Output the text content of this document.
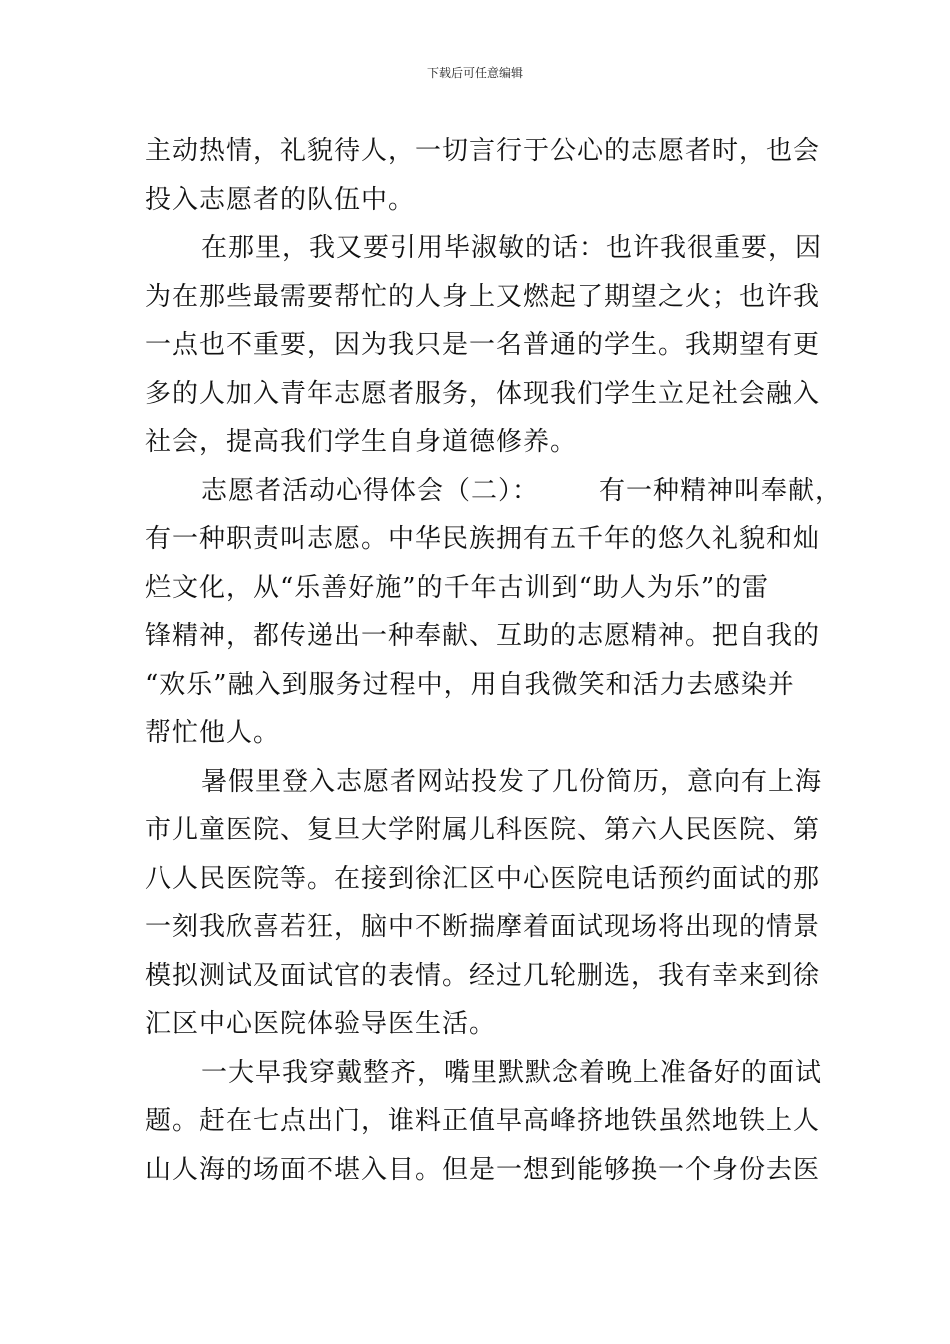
下载后可任意编辑

主动热情，礼貌待人，一切言行于公心的志愿者时，也会
投入志愿者的队伍中。

在那里，我又要引用毕淑敏的话：也许我很重要，因
为在那些最需要帮忙的人身上又燃起了期望之火；也许我
一点也不重要，因为我只是一名普通的学生。我期望有更
多的人加入青年志愿者服务，体现我们学生立足社会融入
社会，提高我们学生自身道德修养。

志愿者活动心得体会（二）： 有一种精神叫奉献，
有一种职责叫志愿。中华民族拥有五千年的悠久礼貌和灿
烂文化，从“乐善好施”的千年古训到“助人为乐”的雷
锋精神，都传递出一种奉献、互助的志愿精神。把自我的
“欢乐”融入到服务过程中，用自我微笑和活力去感染并
帮忙他人。

暑假里登入志愿者网站投发了几份简历，意向有上海
市儿童医院、复旦大学附属儿科医院、第六人民医院、第
八人民医院等。在接到徐汇区中心医院电话预约面试的那
一刻我欣喜若狂，脑中不断揣摩着面试现场将出现的情景
模拟测试及面试官的表情。经过几轮删选，我有幸来到徐
汇区中心医院体验导医生活。

一大早我穿戴整齐，嘴里默默念着晚上准备好的面试
题。赶在七点出门，谁料正值早高峰挤地铁虽然地铁上人
山人海的场面不堪入目。但是一想到能够换一个身份去医
